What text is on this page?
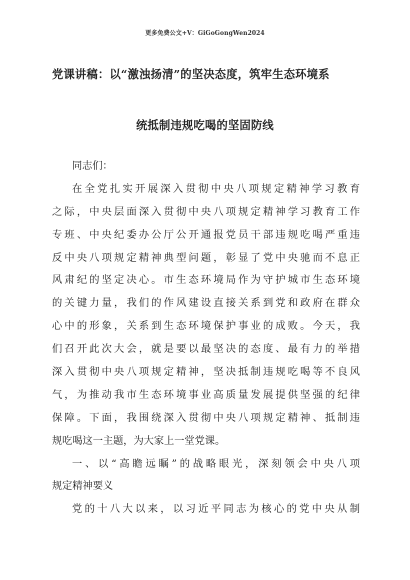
更多免费公文+V：GiGoGongWen2024
党课讲稿：以“激浊扬清”的坚决态度，筑牢生态环境系
统抵制违规吃喝的坚固防线
同志们：
在全党扎实开展深入贯彻中央八项规定精神学习教育
之际，中央层面深入贯彻中央八项规定精神学习教育工作
专班、中央纪委办公厅公开通报党员干部违规吃喝严重违
反中央八项规定精神典型问题，彰显了党中央驰而不息正
风肃纪的坚定决心。市生态环境局作为守护城市生态环境
的关键力量，我们的作风建设直接关系到党和政府在群众
心中的形象，关系到生态环境保护事业的成败。今天，我
们召开此次大会，就是要以最坚决的态度、最有力的举措
深入贯彻中央八项规定精神，坚决抵制违规吃喝等不良风
气，为推动我市生态环境事业高质量发展提供坚强的纪律
保障。下面，我围绕深入贯彻中央八项规定精神、抵制违
规吃喝这一主题，为大家上一堂党课。
一、以“高瞻远瞩”的战略眼光，深刻领会中央八项
规定精神要义
党的十八大以来，以习近平同志为核心的党中央从制
